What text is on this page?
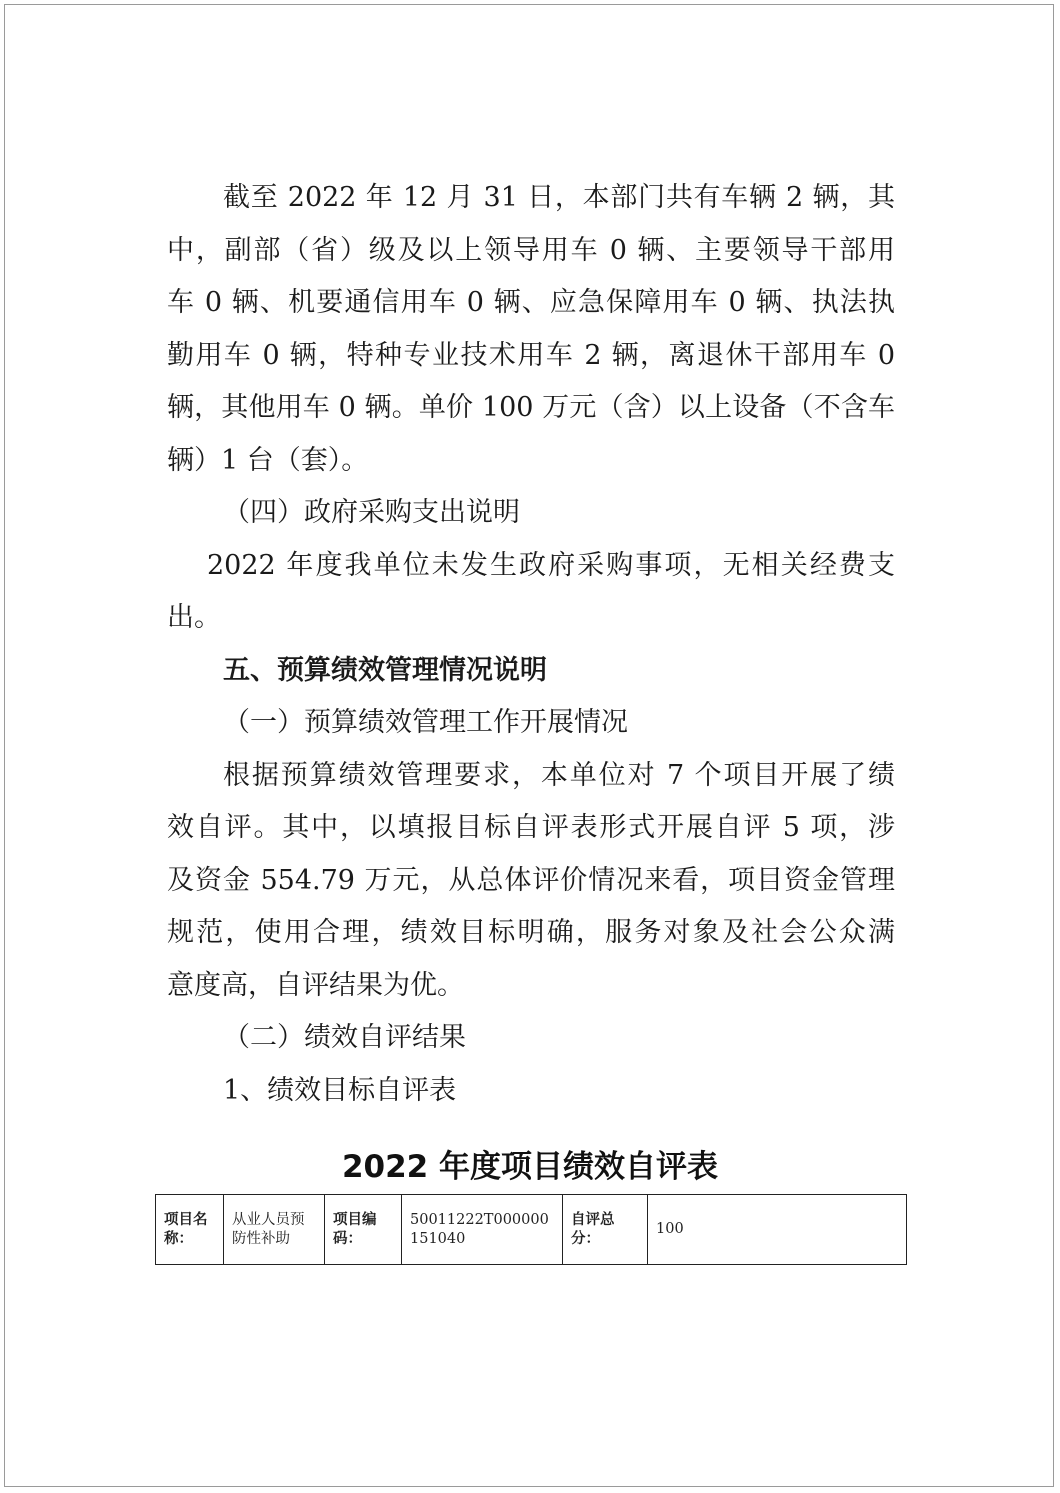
截至 2022 年 12 月 31 日，本部门共有车辆 2 辆，其
中，副部（省）级及以上领导用车 0 辆、主要领导干部用
车 0 辆、机要通信用车 0 辆、应急保障用车 0 辆、执法执
勤用车 0 辆，特种专业技术用车 2 辆，离退休干部用车 0
辆，其他用车 0 辆。单价 100 万元（含）以上设备（不含车
辆）1 台（套）。

（四）政府采购支出说明

2022 年度我单位未发生政府采购事项，无相关经费支
出。

五、预算绩效管理情况说明

（一）预算绩效管理工作开展情况

根据预算绩效管理要求，本单位对 7 个项目开展了绩
效自评。其中，以填报目标自评表形式开展自评 5 项，涉
及资金 554.79 万元，从总体评价情况来看，项目资金管理
规范，使用合理，绩效目标明确，服务对象及社会公众满
意度高，自评结果为优。

（二）绩效自评结果

1、绩效目标自评表

2022 年度项目绩效自评表
项目名称：	从业人员预防性补助	项目编码：	50011222T000000151040	自评总分：	100
